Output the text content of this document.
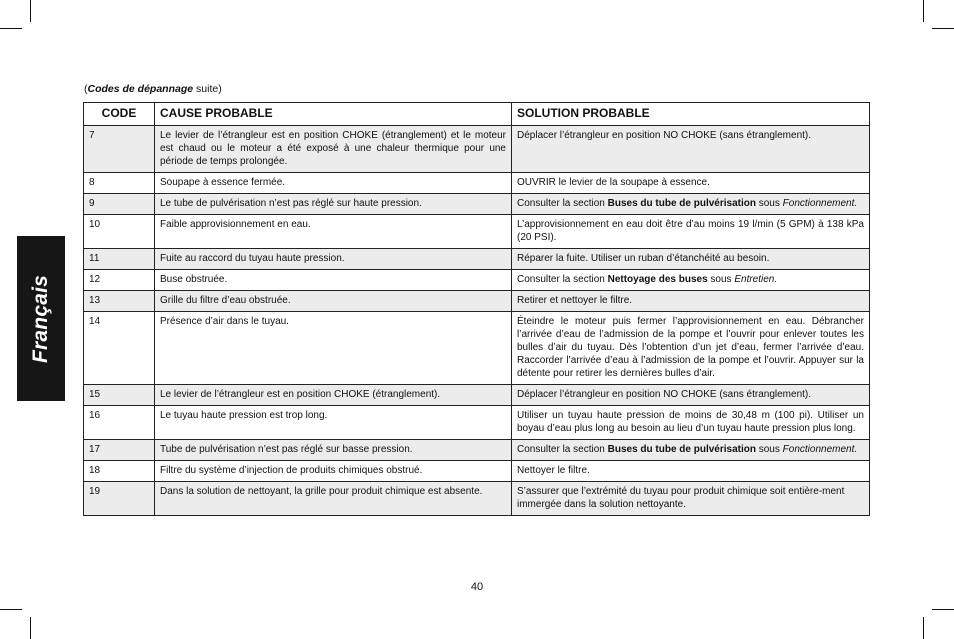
Français
(Codes de dépannage suite)
CODE	CAUSE PROBABLE	SOLUTION PROBABLE
7	Le levier de l’étrangleur est en position CHOKE (étranglement) et le moteur est chaud ou le moteur a été exposé à une chaleur thermique pour une période de temps prolongée.	Déplacer l’étrangleur en position NO CHOKE (sans étranglement).
8	Soupape à essence fermée.	OUVRIR le levier de la soupape à essence.
9	Le tube de pulvérisation n’est pas réglé sur haute pression.	Consulter la section Buses du tube de pulvérisation sous Fonctionnement.
10	Faible approvisionnement en eau.	L’approvisionnement en eau doit être d’au moins 19 l/min (5 GPM) à 138 kPa (20 PSI).
11	Fuite au raccord du tuyau haute pression.	Réparer la fuite. Utiliser un ruban d’étanchéité au besoin.
12	Buse obstruée.	Consulter la section Nettoyage des buses sous Entretien.
13	Grille du filtre d’eau obstruée.	Retirer et nettoyer le filtre.
14	Présence d’air dans le tuyau.	Éteindre le moteur puis fermer l’approvisionnement en eau. Débrancher l’arrivée d’eau de l’admission de la pompe et l’ouvrir pour enlever toutes les bulles d’air du tuyau. Dès l’obtention d’un jet d’eau, fermer l’arrivée d’eau. Raccorder l’arrivée d’eau à l’admission de la pompe et l’ouvrir. Appuyer sur la détente pour retirer les dernières bulles d’air.
15	Le levier de l’étrangleur est en position CHOKE (étranglement).	Déplacer l’étrangleur en position NO CHOKE (sans étranglement).
16	Le tuyau haute pression est trop long.	Utiliser un tuyau haute pression de moins de 30,48 m (100 pi). Utiliser un boyau d’eau plus long au besoin au lieu d’un tuyau haute pression plus long.
17	Tube de pulvérisation n’est pas réglé sur basse pression.	Consulter la section Buses du tube de pulvérisation sous Fonctionnement.
18	Filtre du système d’injection de produits chimiques obstrué.	Nettoyer le filtre.
19	Dans la solution de nettoyant, la grille pour produit chimique est absente.	S’assurer que l’extrémité du tuyau pour produit chimique soit entière-ment immergée dans la solution nettoyante.
40
